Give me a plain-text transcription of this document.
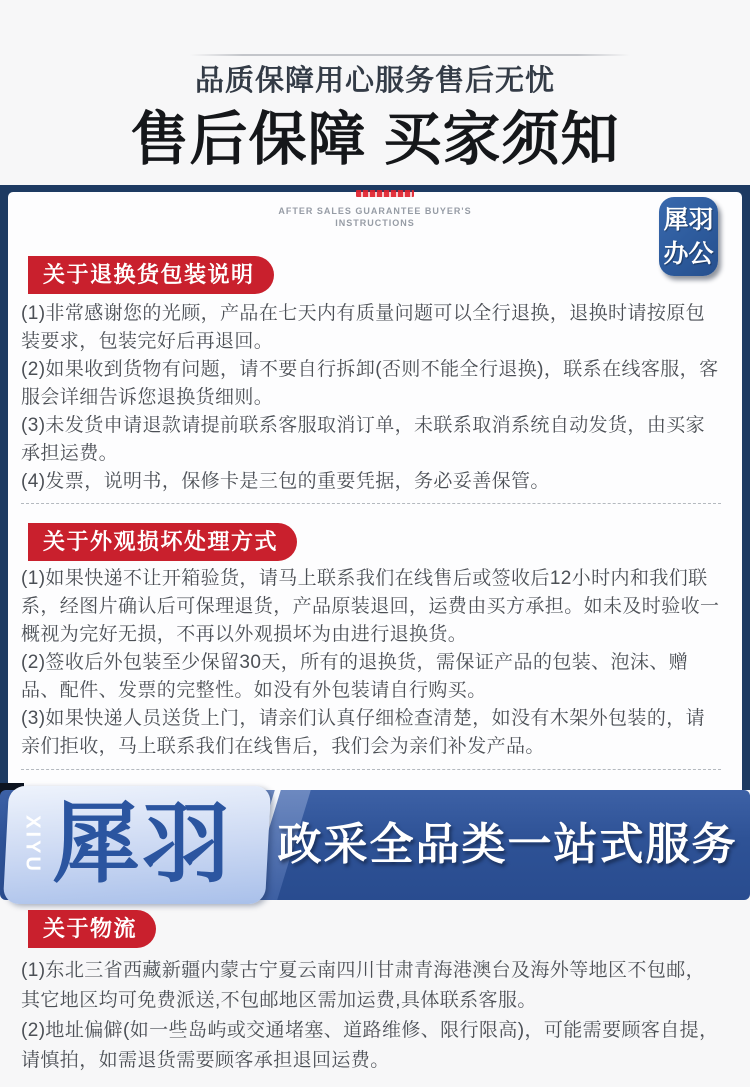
品质保障用心服务售后无忧
售后保障 买家须知
AFTER SALES GUARANTEE BUYER'S
INSTRUCTIONS	犀羽
办公
关于退换货包装说明

(1)非常感谢您的光顾，产品在七天内有质量问题可以全行退换，退换时请按原包装要求，包装完好后再退回。

(2)如果收到货物有问题，请不要自行拆卸(否则不能全行退换)，联系在线客服，客服会详细告诉您退换货细则。

(3)未发货申请退款请提前联系客服取消订单，未联系取消系统自动发货，由买家承担运费。

(4)发票，说明书，保修卡是三包的重要凭据，务必妥善保管。

关于外观损坏处理方式

(1)如果快递不让开箱验货，请马上联系我们在线售后或签收后12小时内和我们联系，经图片确认后可保理退货，产品原装退回，运费由买方承担。如未及时验收一概视为完好无损，不再以外观损坏为由进行退换货。

(2)签收后外包装至少保留30天，所有的退换货，需保证产品的包装、泡沫、赠品、配件、发票的完整性。如没有外包装请自行购买。

(3)如果快递人员送货上门，请亲们认真仔细检查清楚，如没有木架外包装的，请亲们拒收，马上联系我们在线售后，我们会为亲们补发产品。

XIYU 犀羽 政采全品类一站式服务
关于物流

(1)东北三省西藏新疆内蒙古宁夏云南四川甘肃青海港澳台及海外等地区不包邮，其它地区均可免费派送,不包邮地区需加运费,具体联系客服。

(2)地址偏僻(如一些岛屿或交通堵塞、道路维修、限行限高)，可能需要顾客自提，请慎拍，如需退货需要顾客承担退回运费。
